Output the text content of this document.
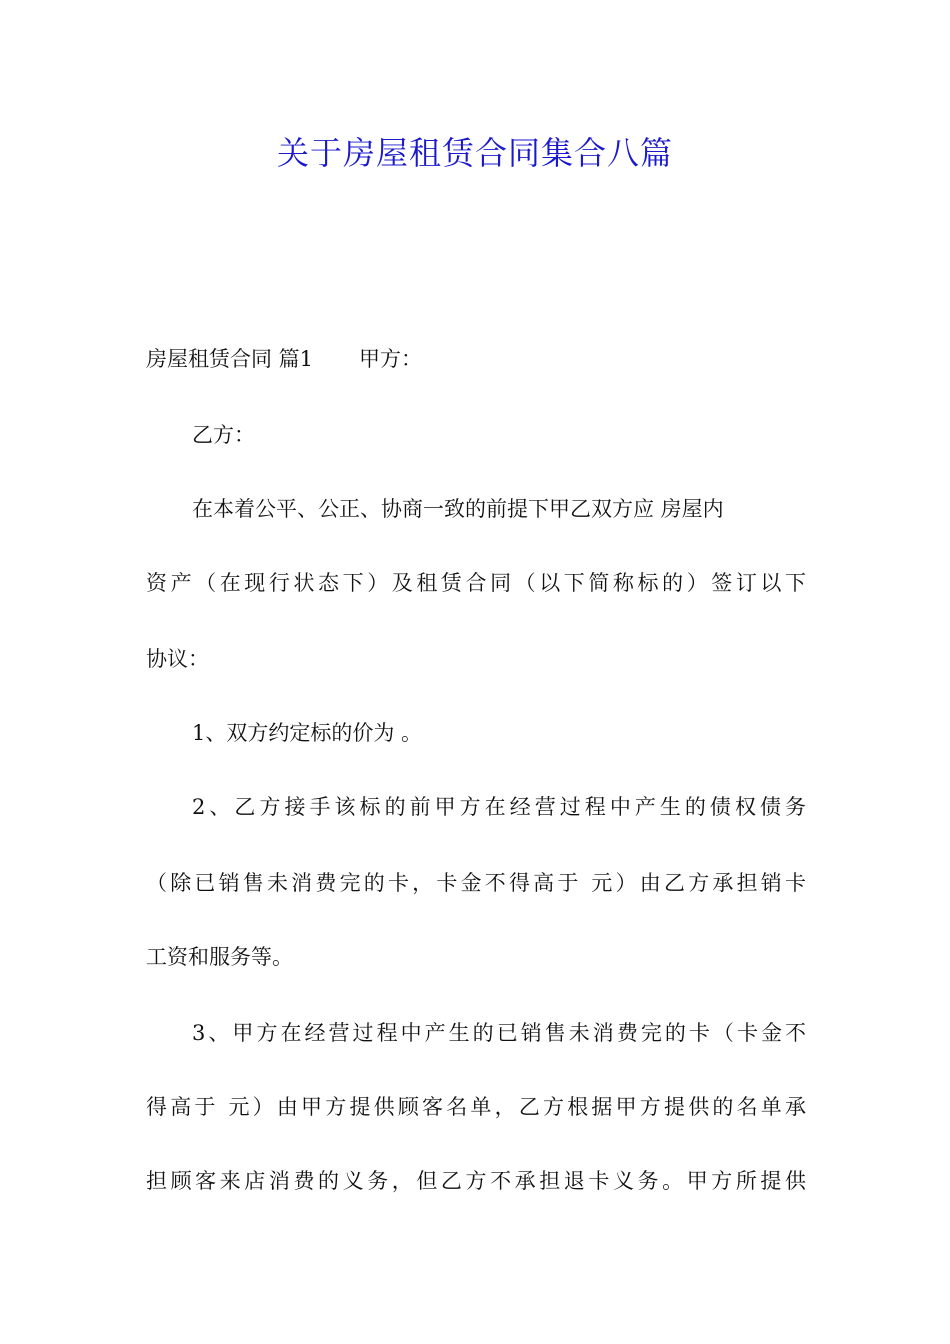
关于房屋租赁合同集合八篇
房屋租赁合同 篇1 甲方：
乙方：
在本着公平、公正、协商一致的前提下甲乙双方应 房屋内
资产（在现行状态下）及租赁合同（以下简称标的）签订以下
协议：
1、双方约定标的价为 。
2、乙方接手该标的前甲方在经营过程中产生的债权债务
（除已销售未消费完的卡，卡金不得高于 元）由乙方承担销卡
工资和服务等。
3、甲方在经营过程中产生的已销售未消费完的卡（卡金不
得高于 元）由甲方提供顾客名单，乙方根据甲方提供的名单承
担顾客来店消费的义务，但乙方不承担退卡义务。甲方所提供
